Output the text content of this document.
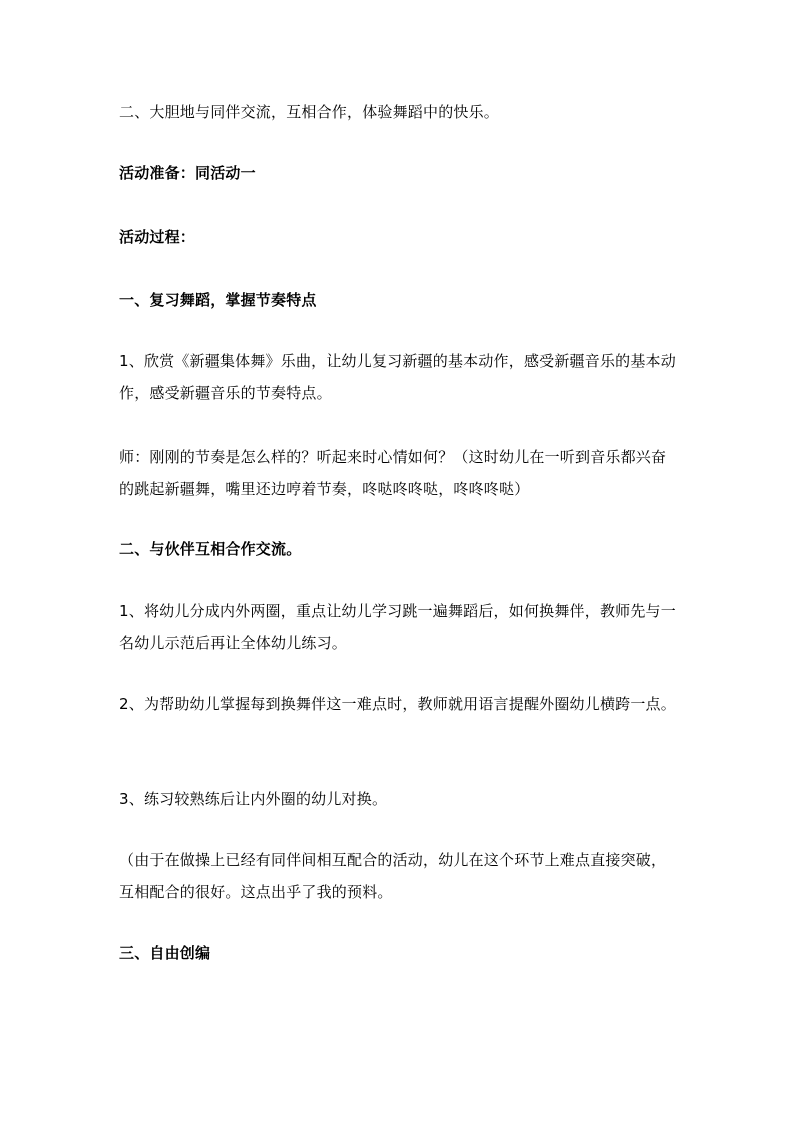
二、大胆地与同伴交流，互相合作，体验舞蹈中的快乐。

活动准备：同活动一

活动过程：

一、复习舞蹈，掌握节奏特点

1、欣赏《新疆集体舞》乐曲，让幼儿复习新疆的基本动作，感受新疆音乐的基本动作，感受新疆音乐的节奏特点。

师：刚刚的节奏是怎么样的？听起来时心情如何？（这时幼儿在一听到音乐都兴奋的跳起新疆舞，嘴里还边哼着节奏，咚哒咚咚哒，咚咚咚哒）

二、与伙伴互相合作交流。

1、将幼儿分成内外两圈，重点让幼儿学习跳一遍舞蹈后，如何换舞伴，教师先与一名幼儿示范后再让全体幼儿练习。

2、为帮助幼儿掌握每到换舞伴这一难点时，教师就用语言提醒外圈幼儿横跨一点。

3、练习较熟练后让内外圈的幼儿对换。

（由于在做操上已经有同伴间相互配合的活动，幼儿在这个环节上难点直接突破，互相配合的很好。这点出乎了我的预料。

三、自由创编
